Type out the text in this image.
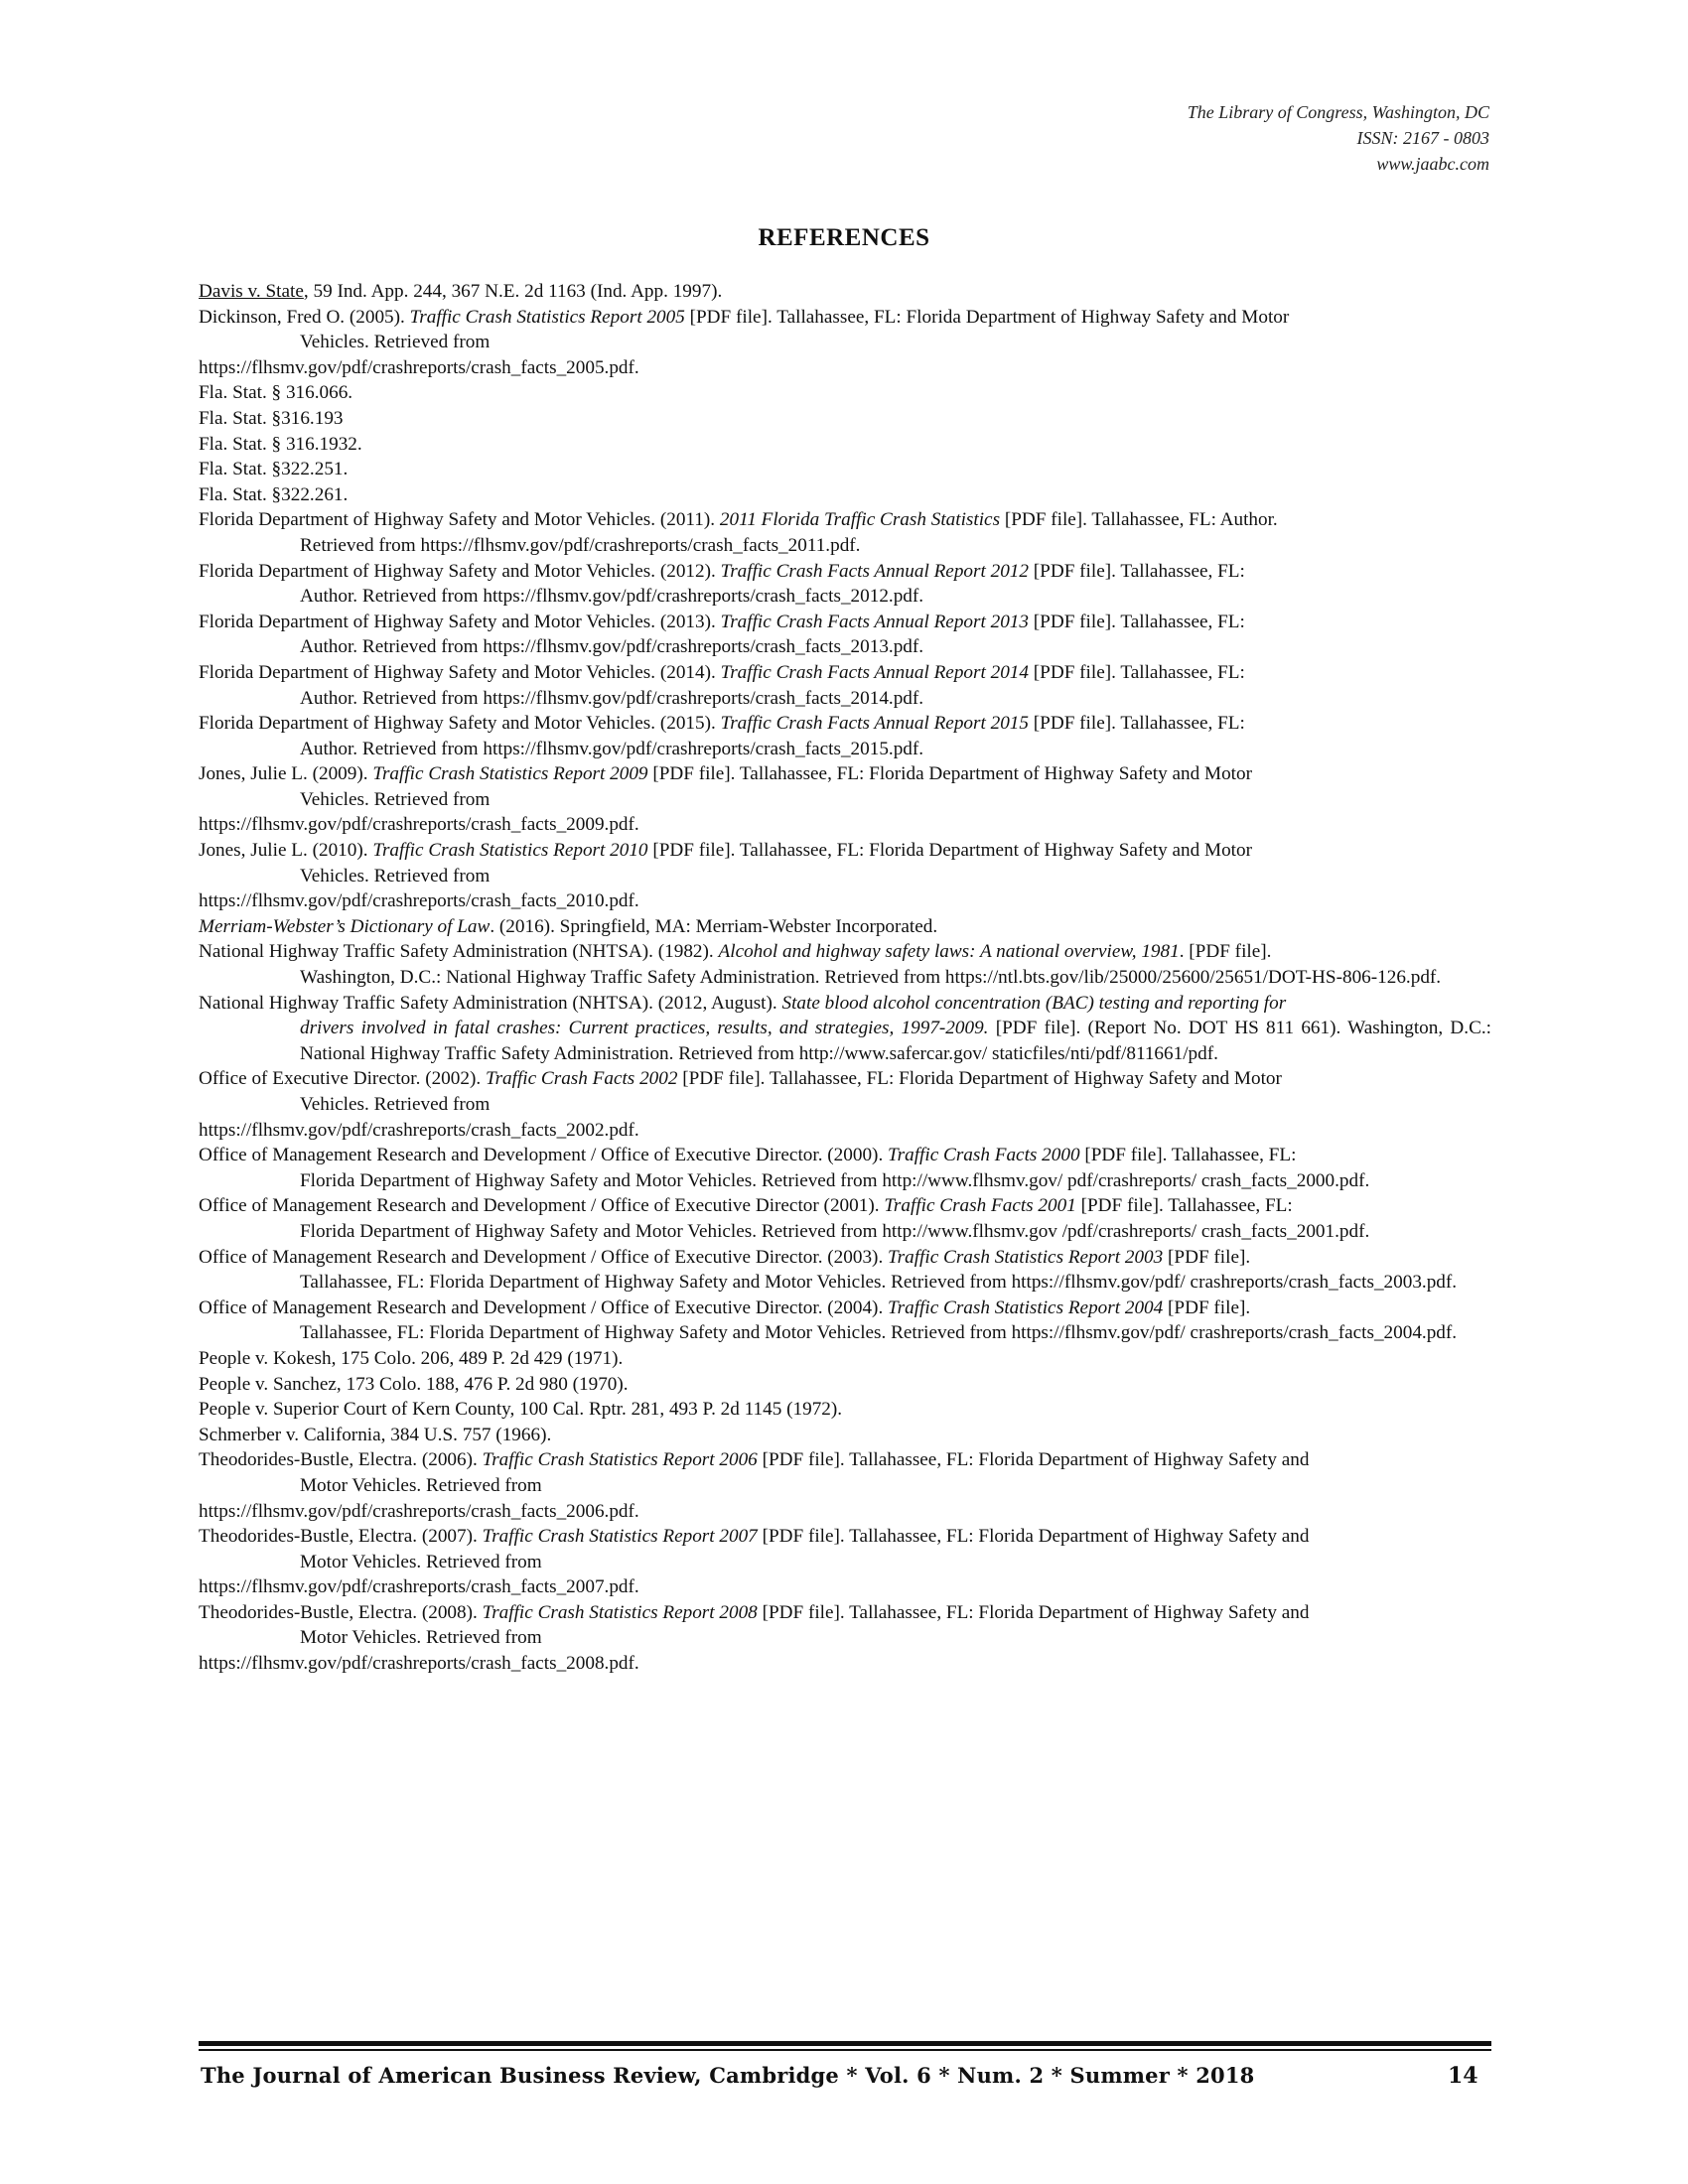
The Library of Congress, Washington, DC
ISSN: 2167 - 0803
www.jaabc.com
REFERENCES
Davis v. State, 59 Ind. App. 244, 367 N.E. 2d 1163 (Ind. App. 1997).
Dickinson, Fred O. (2005). Traffic Crash Statistics Report 2005 [PDF file]. Tallahassee, FL: Florida Department of Highway Safety and Motor
Vehicles. Retrieved from
https://flhsmv.gov/pdf/crashreports/crash_facts_2005.pdf.
Fla. Stat. § 316.066.
Fla. Stat. §316.193
Fla. Stat. § 316.1932.
Fla. Stat. §322.251.
Fla. Stat. §322.261.
Florida Department of Highway Safety and Motor Vehicles. (2011). 2011 Florida Traffic Crash Statistics [PDF file]. Tallahassee, FL: Author.
Retrieved from https://flhsmv.gov/pdf/crashreports/crash_facts_2011.pdf.
Florida Department of Highway Safety and Motor Vehicles. (2012). Traffic Crash Facts Annual Report 2012 [PDF file]. Tallahassee, FL:
Author. Retrieved from https://flhsmv.gov/pdf/crashreports/crash_facts_2012.pdf.
Florida Department of Highway Safety and Motor Vehicles. (2013). Traffic Crash Facts Annual Report 2013 [PDF file]. Tallahassee, FL:
Author. Retrieved from https://flhsmv.gov/pdf/crashreports/crash_facts_2013.pdf.
Florida Department of Highway Safety and Motor Vehicles. (2014). Traffic Crash Facts Annual Report 2014 [PDF file]. Tallahassee, FL:
Author. Retrieved from https://flhsmv.gov/pdf/crashreports/crash_facts_2014.pdf.
Florida Department of Highway Safety and Motor Vehicles. (2015). Traffic Crash Facts Annual Report 2015 [PDF file]. Tallahassee, FL:
Author. Retrieved from https://flhsmv.gov/pdf/crashreports/crash_facts_2015.pdf.
Jones, Julie L. (2009). Traffic Crash Statistics Report 2009 [PDF file]. Tallahassee, FL: Florida Department of Highway Safety and Motor
Vehicles. Retrieved from
https://flhsmv.gov/pdf/crashreports/crash_facts_2009.pdf.
Jones, Julie L. (2010). Traffic Crash Statistics Report 2010 [PDF file]. Tallahassee, FL: Florida Department of Highway Safety and Motor
Vehicles. Retrieved from
https://flhsmv.gov/pdf/crashreports/crash_facts_2010.pdf.
Merriam-Webster’s Dictionary of Law. (2016). Springfield, MA: Merriam-Webster Incorporated.
National Highway Traffic Safety Administration (NHTSA). (1982). Alcohol and highway safety laws: A national overview, 1981. [PDF file].
Washington, D.C.: National Highway Traffic Safety Administration. Retrieved from https://ntl.bts.gov/lib/25000/25600/25651/DOT-HS-806-126.pdf.
National Highway Traffic Safety Administration (NHTSA). (2012, August). State blood alcohol concentration (BAC) testing and reporting for
drivers involved in fatal crashes: Current practices, results, and strategies, 1997-2009. [PDF file]. (Report No. DOT HS 811 661). Washington, D.C.: National Highway Traffic Safety Administration. Retrieved from http://www.safercar.gov/ staticfiles/nti/pdf/811661/pdf.
Office of Executive Director. (2002). Traffic Crash Facts 2002 [PDF file]. Tallahassee, FL: Florida Department of Highway Safety and Motor
Vehicles. Retrieved from
https://flhsmv.gov/pdf/crashreports/crash_facts_2002.pdf.
Office of Management Research and Development / Office of Executive Director. (2000). Traffic Crash Facts 2000 [PDF file]. Tallahassee, FL:
Florida Department of Highway Safety and Motor Vehicles. Retrieved from http://www.flhsmv.gov/ pdf/crashreports/ crash_facts_2000.pdf.
Office of Management Research and Development / Office of Executive Director (2001). Traffic Crash Facts 2001 [PDF file]. Tallahassee, FL:
Florida Department of Highway Safety and Motor Vehicles. Retrieved from http://www.flhsmv.gov /pdf/crashreports/ crash_facts_2001.pdf.
Office of Management Research and Development / Office of Executive Director. (2003). Traffic Crash Statistics Report 2003 [PDF file].
Tallahassee, FL: Florida Department of Highway Safety and Motor Vehicles. Retrieved from https://flhsmv.gov/pdf/ crashreports/crash_facts_2003.pdf.
Office of Management Research and Development / Office of Executive Director. (2004). Traffic Crash Statistics Report 2004 [PDF file].
Tallahassee, FL: Florida Department of Highway Safety and Motor Vehicles. Retrieved from https://flhsmv.gov/pdf/ crashreports/crash_facts_2004.pdf.
People v. Kokesh, 175 Colo. 206, 489 P. 2d 429 (1971).
People v. Sanchez, 173 Colo. 188, 476 P. 2d 980 (1970).
People v. Superior Court of Kern County, 100 Cal. Rptr. 281, 493 P. 2d 1145 (1972).
Schmerber v. California, 384 U.S. 757 (1966).
Theodorides-Bustle, Electra. (2006). Traffic Crash Statistics Report 2006 [PDF file]. Tallahassee, FL: Florida Department of Highway Safety and
Motor Vehicles. Retrieved from
https://flhsmv.gov/pdf/crashreports/crash_facts_2006.pdf.
Theodorides-Bustle, Electra. (2007). Traffic Crash Statistics Report 2007 [PDF file]. Tallahassee, FL: Florida Department of Highway Safety and
Motor Vehicles. Retrieved from
https://flhsmv.gov/pdf/crashreports/crash_facts_2007.pdf.
Theodorides-Bustle, Electra. (2008). Traffic Crash Statistics Report 2008 [PDF file]. Tallahassee, FL: Florida Department of Highway Safety and
Motor Vehicles. Retrieved from
https://flhsmv.gov/pdf/crashreports/crash_facts_2008.pdf.
The Journal of American Business Review, Cambridge * Vol. 6 * Num. 2 * Summer * 2018	14
